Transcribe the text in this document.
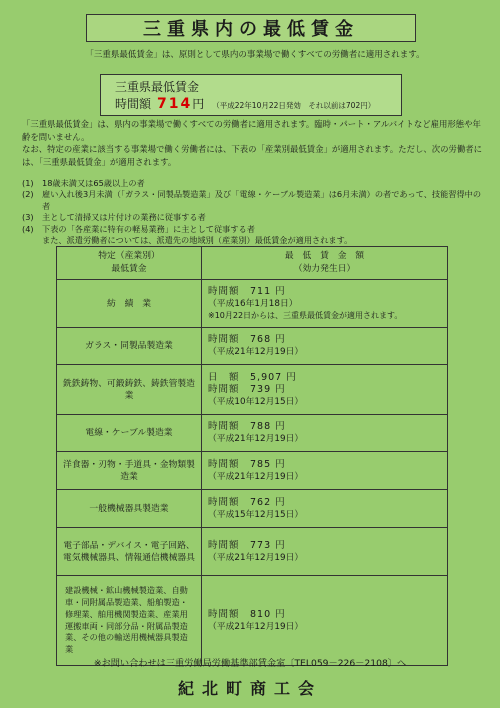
三重県内の最低賃金
「三重県最低賃金」は、原則として県内の事業場で働くすべての労働者に適用されます。
三重県最低賃金
時間額 714円 （平成22年10月22日発効　それ以前は702円）
「三重県最低賃金」は、県内の事業場で働くすべての労働者に適用されます。臨時・パート・アルバイトなど雇用形態や年齢を問いません。
なお、特定の産業に該当する事業場で働く労働者には、下表の「産業別最低賃金」が適用されます。ただし、次の労働者には、「三重県最低賃金」が適用されます。
(1)	18歳未満又は65歳以上の者
(2)	雇い入れ後3月未満（「ガラス・同製品製造業」及び「電線・ケーブル製造業」は6月未満）の者であって、技能習得中の者
(3)	主として清掃又は片付けの業務に従事する者
(4)	下表の「各産業に特有の軽易業務」に主として従事する者
また、派遣労働者については、派遣先の地域別（産業別）最低賃金が適用されます。
特定（産業別）
最低賃金	最　低　賃　金　額
（効力発生日）

紡　績　業	時間額　711 円
（平成16年1月18日）
※10月22日からは、三重県最低賃金が適用されます。

ガラス・同製品製造業	時間額　768 円
（平成21年12月19日）

銑鉄鋳物、可鍛鋳鉄、鋳鉄管製造業	日　額　5,907 円
時間額　739 円
（平成10年12月15日）

電線・ケーブル製造業	時間額　788 円
（平成21年12月19日）

洋食器・刃物・手道具・金物類製造業	時間額　785 円
（平成21年12月19日）

一般機械器具製造業	時間額　762 円
（平成15年12月15日）

電子部品・デバイス・電子回路、電気機械器具、情報通信機械器具	時間額　773 円
（平成21年12月19日）

建設機械・鉱山機械製造業、自動車・同附属品製造業、船舶製造・修理業、舶用機関製造業、産業用運搬車両・同部分品・附属品製造業、その他の輸送用機械器具製造業	時間額　810 円
（平成21年12月19日）
※お問い合わせは三重労働局労働基準部賃金室〔TEL059－226－2108〕へ
紀北町商工会
